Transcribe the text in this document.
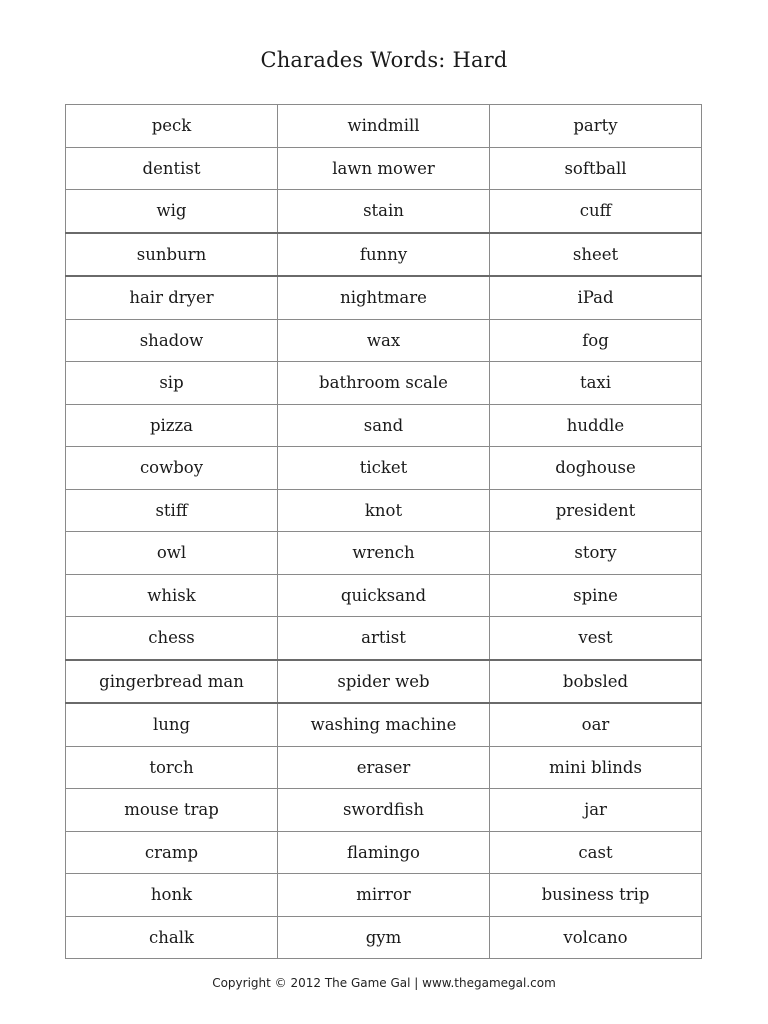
Charades Words: Hard
peck	windmill	party
dentist	lawn mower	softball
wig	stain	cuff
sunburn	funny	sheet
hair dryer	nightmare	iPad
shadow	wax	fog
sip	bathroom scale	taxi
pizza	sand	huddle
cowboy	ticket	doghouse
stiff	knot	president
owl	wrench	story
whisk	quicksand	spine
chess	artist	vest
gingerbread man	spider web	bobsled
lung	washing machine	oar
torch	eraser	mini blinds
mouse trap	swordfish	jar
cramp	flamingo	cast
honk	mirror	business trip
chalk	gym	volcano
Copyright © 2012 The Game Gal | www.thegamegal.com
